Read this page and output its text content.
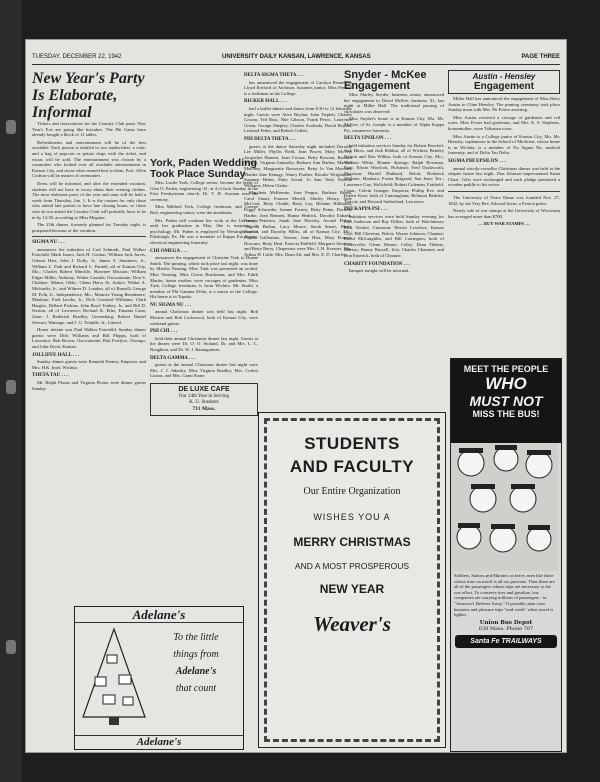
TUESDAY, DECEMBER 22, 1942	UNIVERSITY DAILY KANSAN, LAWRENCE, KANSAS	PAGE THREE
New Year's Party Is Elaborate, Informal

Tickets and reservations for the Country Club party New Year's Eve are going like hotcakes. The Phi Gams have already bought a block of 11 tables.

Refreshments and entertainment will be of the best available. Each person is entitled to two sandwiches, a coke, and a bag of popcorn or potato chips with the ticket, and extras will be sold. The entertainment was chosen by a committee who looked over all available entertainment in Kansas City, and chose what seemed best to them. Prof. Allen Crafton will be master of ceremonies.

Dress will be informal, and after the extended vacation, students will not have to worry about their evening clothes. The most elaborate party of the year and semi will be held a week from Thursday, Jan. 1. It is the custom for only those who attend late parties to have late closing hours, so those who do not attend the Country Club will probably have to be in by 12:30, according to Miss Meguiar.

The 25th dinner, formerly planned for Tuesday night, is postponed because of the vacation.

SIGMA NU . . .

announces the initiation of Carl Schmidt, Paul Walker Fairchild, Mark Isaacs, Jack H. Conlon, William Jack Jarvis, Gibson Hart, John J. Dolly, Jr., James S. Summers, Jr., William L. Park and Richard C. Parnell, all of Kansas City, Mo.; Charles Robert Minckle, Shawnee Mission; William Edgar Miller, Anthony; Walter Cassida, Osowatomie; Don S. Chalmer, Miami, Okla.; Glenn Harry St. Aubyn, Walter A. Michaelis, Jr., and Wilmer D. London, all of Russell; George M. Polk, Jr., Independence, Mo.; Maurice Young Beardmore, Mankato; Fred Jacobs, Jr., Dick Goodard Williams, Clark Hargiss, Delbert Perkins, John Boyd Toubey, Jr., and Bill D. Sterton, all of Lawrence; Richard K. Erbe, Fanama Cana; Zone; J. Roderick Bradley, Greensburg; Robert Daniel Stewart, Wamego, and J. G. Triindle, Jr., Liberal.

Honor initiate was Paul Walker Fairchild. Sunday dinner guests were Dick Williams and Bill Phipps, both of Lawrence; Bob Brown, Osowatomie; Bob Fordyce, Oswego; and John Dyott, Kansas.

JOLLIFFE HALL . . .

Sunday dinner guests were Kenneth Feeney, Emporia; and Mrs. H.K. Imel, Wichita.

THETA TAU . . .

Mr. Ralph Ploutz and Virginia Ploutz were dinner guests Sunday.

York, Paden Wedding Took Place Sunday

Miss Lucile York, College senior, became the bride of Glen O. Paden, engineering '41, at 4 o'clock Sunday in the First Presbyterian church. Dr. T. H. Aszman read the ceremony.

Miss Mildred York, College freshman, and George Bolt, engineering senior, were the attendants.

Mrs. Paden will continue her work at the University until her graduation in May. She is majoring in psychology. Mr. Paden is employed by Westinghouse in Pittsburgh, Pa. He was a member of Kappa Eta Kappa, electrical engineering fraternity.

CHI OMEGA . . .

announces the engagement of Christine Turk to Duane Smith. The pinning, which took place last night, was done by Martha Nearing. Miss Turk was presented an orchid. Miss Nearing, Miss Gloria Bruckman, and Mrs. Edith Martin, house mother, were corsages of gardenias. Miss Turk, College freshman, is from Wichita. Mr. Smith, a member of Phi Gamma Delta, is a senior in the College. His home is in Topeka.

NU SIGMA NU . . .

annual Christmas dinner was held last night. Bob Morton and Bob Lockwood, both of Kansas City, were weekend guests.

PHI CHI . . .

held their annual Christmas dinner last night. Guests at the dinner were Dr. O. O. Stoland, Dr. and Mrs. L. L. Boughton, and Dr. W. J. Baumgartner.

DELTA GAMMA . . .

guests at the annual Christmas dinner last night were Mrs. J. J. Jakosky, Miss Virginia Bradley, Mrs. Corlett Cotton, and Mrs. Grant Stone.

DE LUXE CAFE
Our 24th Year in Serving
K. U. Students
711 Mass.
DELTA SIGMA THETA . . .

has announced the engagement of Carolyn Pennell to Lloyd Kerford of Atchison, business junior. Miss Pennell is a freshman in the College.

RICKER HALL . . .

had a buffet dinner and dance from 6:30 to 12 Saturday night. Guests were Alice Boylan, John Triplett, Charles Cowan, Ted Rust, Nile Gibson, Frank Petric, Lawrence Green, George Shepley, Charles Svoboda, David Boylan, Leonard Feder, and Robert Collett.

PHI DELTA THETA . . .

guests at the dance Saturday night included Dorothy Lee Miller, Phyllis Field, Joan Power, Mary McVey, Jacquelyn Hansen, Joan Crouse, Betty Rowton, Barbara Wilson, Virginia Gunnolly, Barbara Ann Barber, Marilyn Maloney, Marguerite Bosweyer, Betty Jo Van Marcum, Martha Jane Kenagy, Nancy Prather, Rosalie Wrightman, Suzanne Heder, Patty Arend, Jo Ann Teed, Patricia Williams, Helen Clarke.

Marcheta McKennie, Jean Fergus, Barbara Breed, Carol Stuart, Frances Merrill, Shirley Henry, Judy McCord, Betty Chubb, Betty Lay, Helaine Hillbrand, Peggy Schroeder, Jeanne Forney, Betty Paine, Dorothy Hardie, Jean Bennett, Hanna Hedrick, Dorothy Eubank, Nancy Petersen, Sarah Jane Worsley, Avonel Fisher, Virginia Brehm, Lucy Moore, Sarah Smart, Marty Sharkel, and Dorothy Hillix, all of Kansas City, Mo.; Phyllis Gallentine, Norton; Jane Hiss, Mary Frances Doocum, Betty Deal, Patricia Padfield, Margaret Stratton, and Betty Berry. Chaperons were Mrs. J. H. Kresner, Mrs. Arthur H. Little, Mrs. Dean Alt, and Mrs. E. D. Charles.

Snyder - McKee Engagement

Miss Shirley Snyder, business senior, announced her engagement to David McKee, business '41, last night at Miller Hall. The traditional passing of chocolates was observed.

Miss Snyder's home is in Kansas City, Mo. Mr. McKee, of St. Joseph, is a member of Alpha Kappa Psi, commerce fraternity.

DELTA UPSILON . . .

held initiation services Sunday for Robert Boechel, Jack Hires, and Jack Rehkin, all of Wichita; Bentley Nelson and Don Wilbur, both of Kansas City, Mo.; William White, Bonner Springs; Ralph Bowman, Pratt; Edwin Woolcott, Holstead; Fred Duckworth, Morrison; Harold Hubbard, Beloit; Roderick Wellmer, Mankato; Foster Brigaard, San Juan; Tex.; Lawrence Guy, Wellsfield; Robert Coleman, Fairfield, Conn.; Calvin Granger, Emporia; Phillip Eve, and Robert Kent, both of Cunningham; Belmont Berkley, Tescott; and Howard Sutherland, Lawrence.

PHI KAPPA PSI . . .

Initiation services were held Sunday evening for Earl Anderson and Ray Dillon, both of Hutchinson; Ellis Nockel, Cimarron; Hewitt Lovelace, Kansas City; Bill Chestnut, Beloit; Wayne Johnson, Chanute; Raoul McLaughlin, and Bill Carrington, both of Coffeyville; Glenn Warner, Colby; Dean Tibbets, Marion; Bunny Russell, Iola; Charles Chaumey and Don Emerick, both of Chanute.

CHARITY FOUNDATION . . .

banquet tonight will be informal.

Austin - Hensley
Engagement

Miller Hall has announced the engagement of Miss Betty Austin to Cline Hensley. The pinning ceremony took place Sunday noon with Mrs. Pit Foster assisting.

Miss Austin received a corsage of gardenias and red roses. Miss Foster had gardenias, and Mrs. E. S. Stephens, housemother, wore Talisman roses.

Miss Austin is a College junior of Kansas City, Mo. Mr. Hensley, sophomore in the School of Medicine, whose home is in Wichita, is a member of Nu Sigma Nu, medical fraternity, and of Delta Tau Delta.

SIGMA PHI EPSILON . . .

annual strictly-corsellor Christmas dinner was held at the chapter house last night. Don Johnson impersonated Santa Claus. Gifts were exchanged and each pledge presented a wooden paddle to his active.

The University of Notre Dame was founded Nov. 27, 1842, by the Very Rev. Edward Sorin, a French priest.

Nearly sale of war stamps at the University of Wisconsin has averaged more than $700.

— BUY WAR STAMPS —
MEET THE PEOPLE
WHO
MUST NOT
MISS THE BUS!
Soldiers, Sailors and Marines on leave, men like these whose time on travel is all too precious. Then there are all of the passengers whose trips are necessary to the war effort. To conserve tires and gasoline, bus companies are carrying millions of passengers - in "America's Defense Army." If possible, plan your business and pleasure trips "mid-week" when travel is lighter.
Union Bus Depot
638 Mass. Phone 707
Santa Fe TRAILWAYS
STUDENTS
AND FACULTY
Our Entire Organization
WISHES YOU A
MERRY CHRISTMAS
AND A MOST PROSPEROUS
NEW YEAR
Weaver's
Adelane's
To the little
things from
Adelane's
that count
Adelane's
